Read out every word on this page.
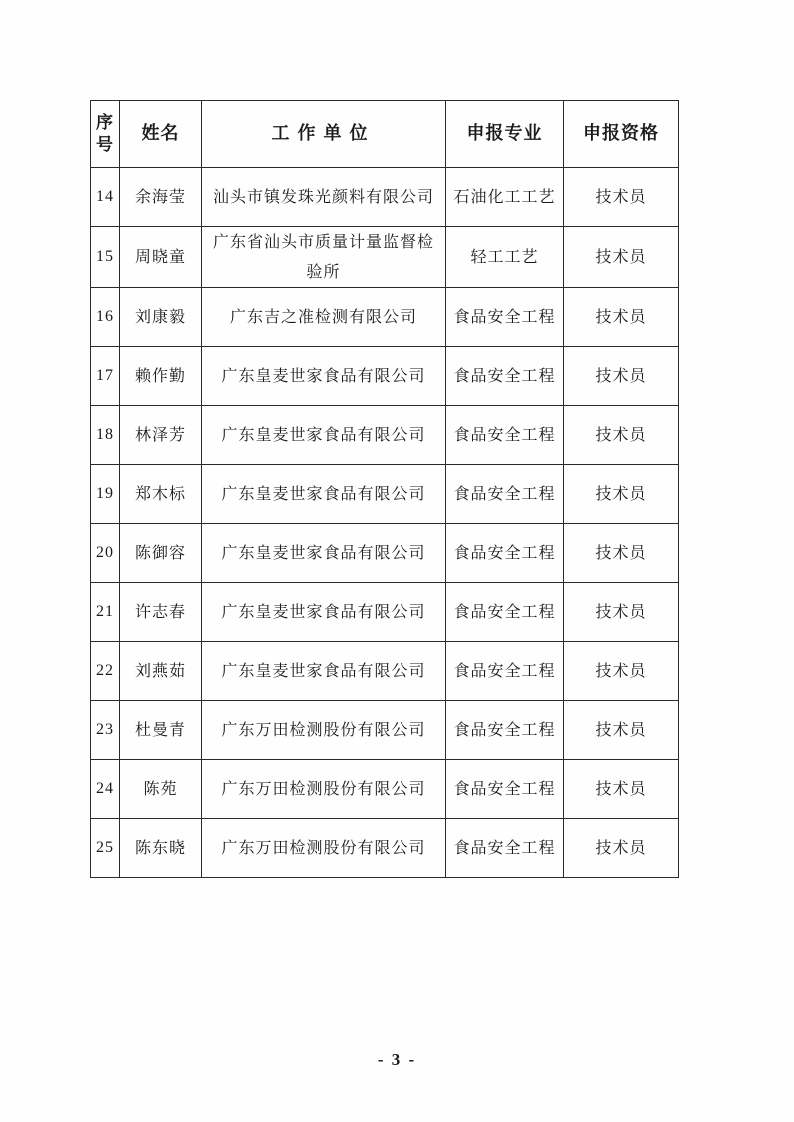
序号	姓名	工作单位	申报专业	申报资格
14	余海莹	汕头市镇发珠光颜料有限公司	石油化工工艺	技术员
15	周晓童	广东省汕头市质量计量监督检验所	轻工工艺	技术员
16	刘康毅	广东吉之准检测有限公司	食品安全工程	技术员
17	赖作勤	广东皇麦世家食品有限公司	食品安全工程	技术员
18	林泽芳	广东皇麦世家食品有限公司	食品安全工程	技术员
19	郑木标	广东皇麦世家食品有限公司	食品安全工程	技术员
20	陈御容	广东皇麦世家食品有限公司	食品安全工程	技术员
21	许志春	广东皇麦世家食品有限公司	食品安全工程	技术员
22	刘燕茹	广东皇麦世家食品有限公司	食品安全工程	技术员
23	杜曼青	广东万田检测股份有限公司	食品安全工程	技术员
24	陈苑	广东万田检测股份有限公司	食品安全工程	技术员
25	陈东晓	广东万田检测股份有限公司	食品安全工程	技术员
- 3 -
